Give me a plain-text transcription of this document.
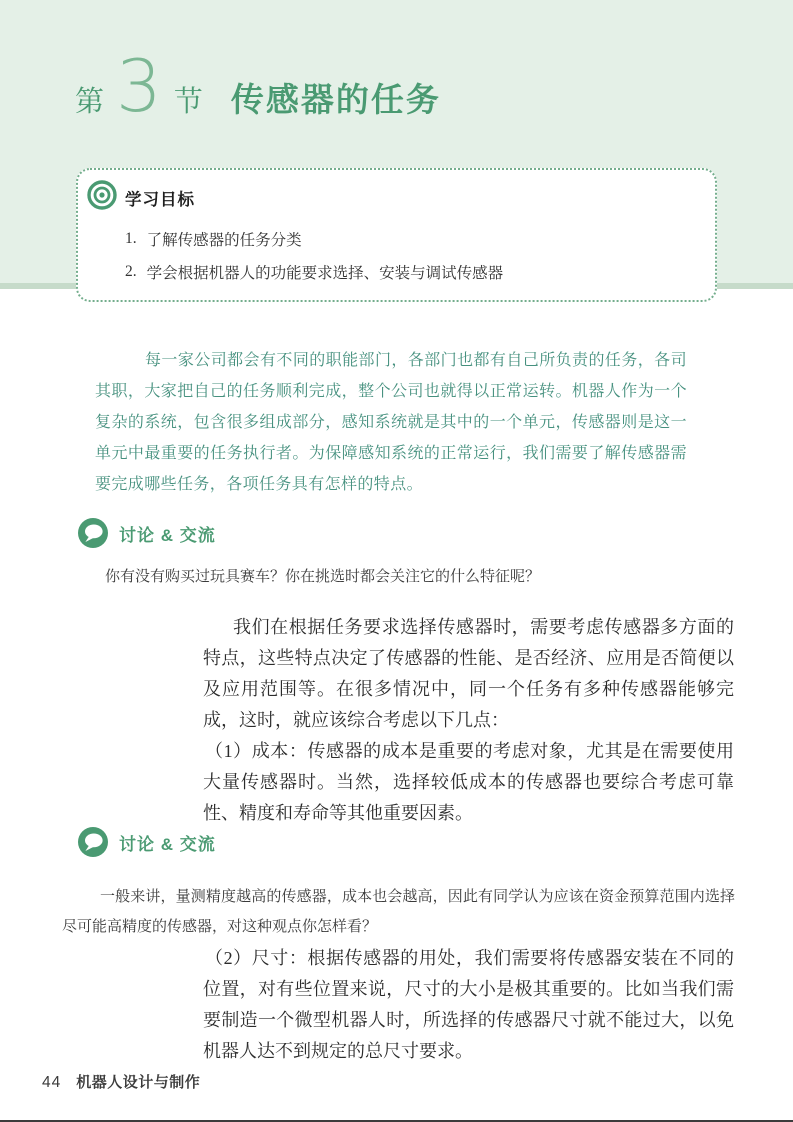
第 3 节 传感器的任务
学习目标
1. 了解传感器的任务分类
2. 学会根据机器人的功能要求选择、安装与调试传感器

每一家公司都会有不同的职能部门，各部门也都有自己所负责的任务，各司其职，大家把自己的任务顺利完成，整个公司也就得以正常运转。机器人作为一个复杂的系统，包含很多组成部分，感知系统就是其中的一个单元，传感器则是这一单元中最重要的任务执行者。为保障感知系统的正常运行，我们需要了解传感器需要完成哪些任务，各项任务具有怎样的特点。

讨论 & 交流

你有没有购买过玩具赛车？你在挑选时都会关注它的什么特征呢？

我们在根据任务要求选择传感器时，需要考虑传感器多方面的特点，这些特点决定了传感器的性能、是否经济、应用是否简便以及应用范围等。在很多情况中，同一个任务有多种传感器能够完成，这时，就应该综合考虑以下几点：

（1）成本：传感器的成本是重要的考虑对象，尤其是在需要使用大量传感器时。当然，选择较低成本的传感器也要综合考虑可靠性、精度和寿命等其他重要因素。

讨论 & 交流

一般来讲，量测精度越高的传感器，成本也会越高，因此有同学认为应该在资金预算范围内选择尽可能高精度的传感器，对这种观点你怎样看？

（2）尺寸：根据传感器的用处，我们需要将传感器安装在不同的位置，对有些位置来说，尺寸的大小是极其重要的。比如当我们需要制造一个微型机器人时，所选择的传感器尺寸就不能过大，以免机器人达不到规定的总尺寸要求。

44 机器人设计与制作
